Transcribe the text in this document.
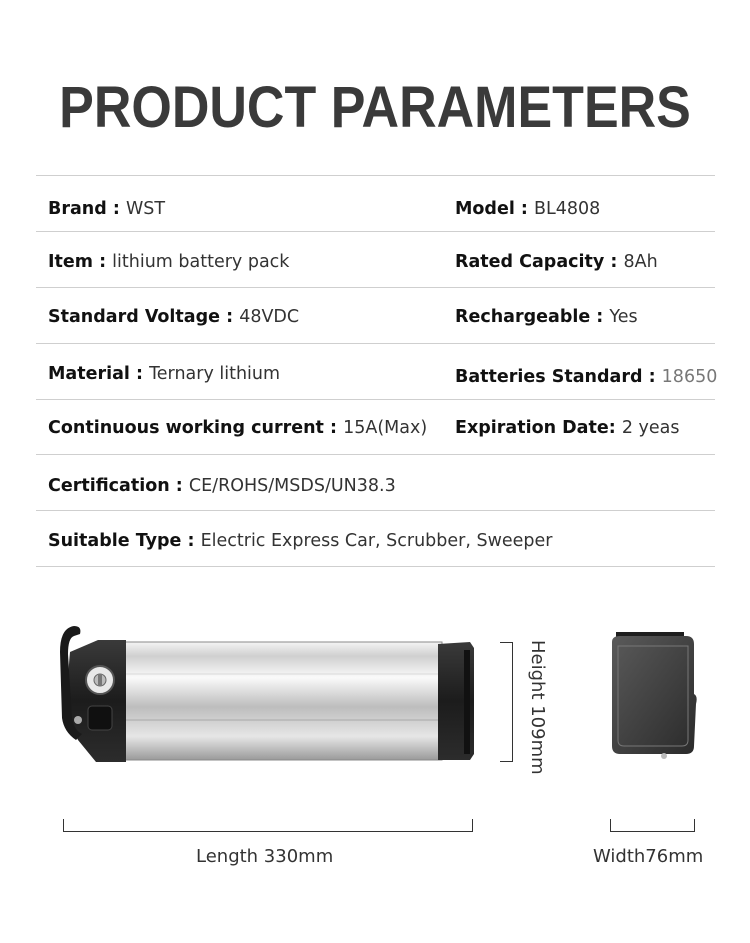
PRODUCT PARAMETERS
Brand : WST	Model : BL4808
Item : lithium battery pack	Rated Capacity : 8Ah
Standard Voltage : 48VDC	Rechargeable : Yes
Material : Ternary lithium	Batteries Standard : 18650
Continuous working current : 15A(Max) Expiration Date: 2 yeas
Certification : CE/ROHS/MSDS/UN38.3
Suitable Type : Electric Express Car, Scrubber, Sweeper
Height 109mm
Length 330mm	Width76mm
